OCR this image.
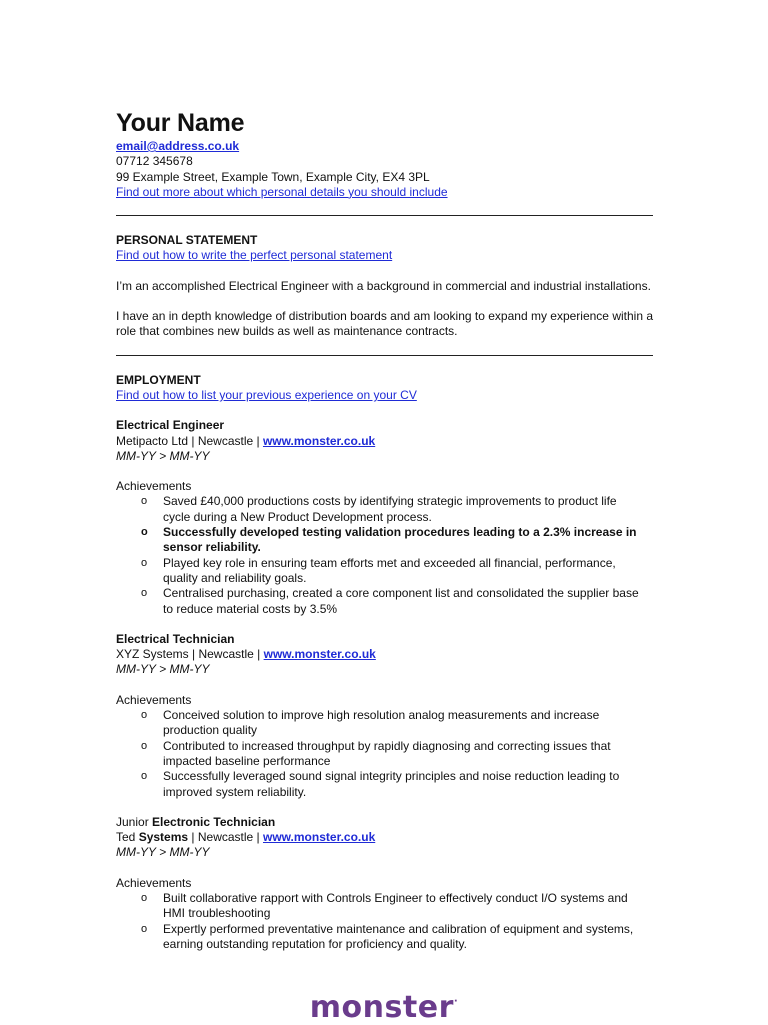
Your Name
email@address.co.uk
07712 345678
99 Example Street, Example Town, Example City, EX4 3PL
Find out more about which personal details you should include
PERSONAL STATEMENT
Find out how to write the perfect personal statement
I’m an accomplished Electrical Engineer with a background in commercial and industrial installations.
I have an in depth knowledge of distribution boards and am looking to expand my experience within a role that combines new builds as well as maintenance contracts.
EMPLOYMENT
Find out how to list your previous experience on your CV
Electrical Engineer
Metipacto Ltd | Newcastle | www.monster.co.uk
MM-YY > MM-YY
Achievements
o Saved £40,000 productions costs by identifying strategic improvements to product life cycle during a New Product Development process.
o Successfully developed testing validation procedures leading to a 2.3% increase in sensor reliability.
o Played key role in ensuring team efforts met and exceeded all financial, performance, quality and reliability goals.
o Centralised purchasing, created a core component list and consolidated the supplier base to reduce material costs by 3.5%
Electrical Technician
XYZ Systems | Newcastle | www.monster.co.uk
MM-YY > MM-YY
Achievements
o Conceived solution to improve high resolution analog measurements and increase production quality
o Contributed to increased throughput by rapidly diagnosing and correcting issues that impacted baseline performance
o Successfully leveraged sound signal integrity principles and noise reduction leading to improved system reliability.
Junior Electronic Technician
Ted Systems | Newcastle | www.monster.co.uk
MM-YY > MM-YY
Achievements
o Built collaborative rapport with Controls Engineer to effectively conduct I/O systems and HMI troubleshooting
o Expertly performed preventative maintenance and calibration of equipment and systems, earning outstanding reputation for proficiency and quality.
monster·
